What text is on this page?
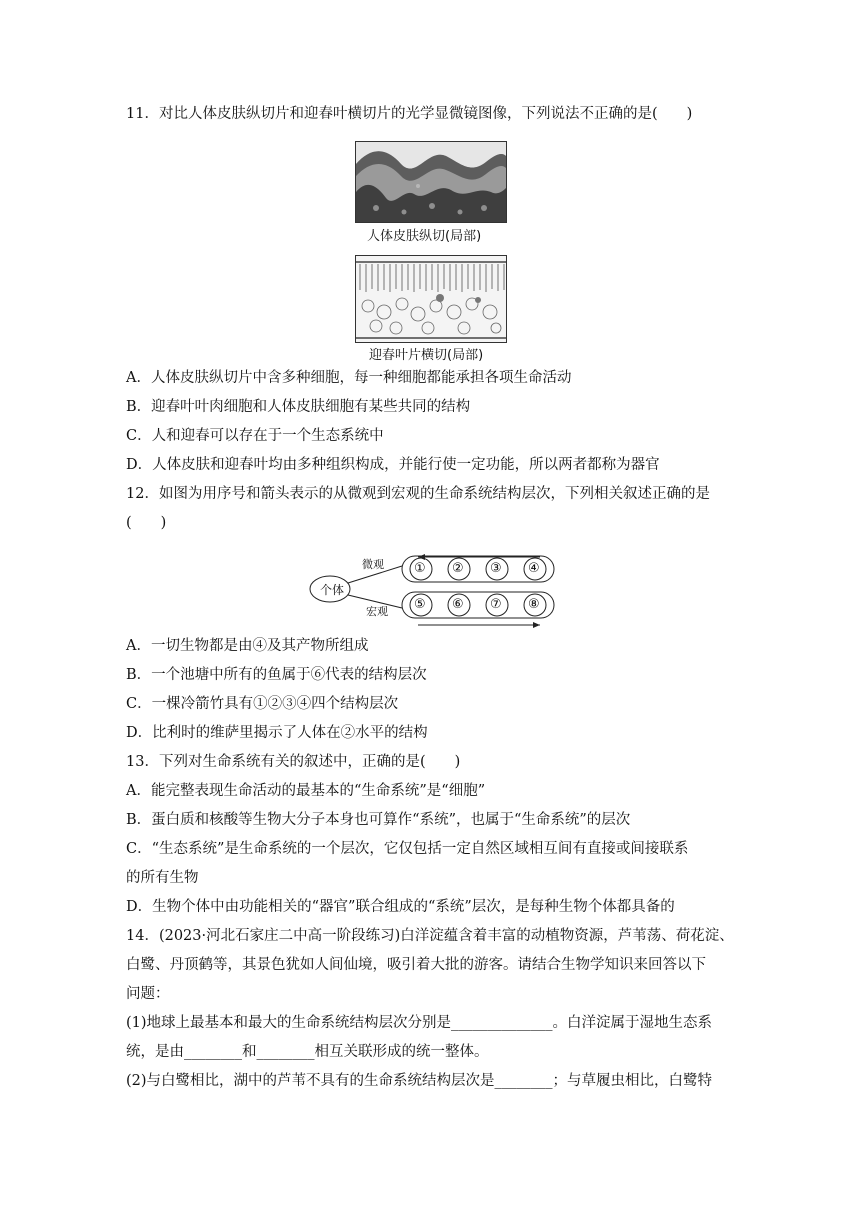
11．对比人体皮肤纵切片和迎春叶横切片的光学显微镜图像，下列说法不正确的是(　　)
人体皮肤纵切(局部)
迎春叶片横切(局部)
A．人体皮肤纵切片中含多种细胞，每一种细胞都能承担各项生命活动
B．迎春叶叶肉细胞和人体皮肤细胞有某些共同的结构
C．人和迎春可以存在于一个生态系统中
D．人体皮肤和迎春叶均由多种组织构成，并能行使一定功能，所以两者都称为器官
12．如图为用序号和箭头表示的从微观到宏观的生命系统结构层次，下列相关叙述正确的是
(　　)
个体
微观
宏观
① ② ③ ④
⑤ ⑥ ⑦ ⑧
A．一切生物都是由④及其产物所组成
B．一个池塘中所有的鱼属于⑥代表的结构层次
C．一棵冷箭竹具有①②③④四个结构层次
D．比利时的维萨里揭示了人体在②水平的结构
13．下列对生命系统有关的叙述中，正确的是(　　)
A．能完整表现生命活动的最基本的“生命系统”是“细胞”
B．蛋白质和核酸等生物大分子本身也可算作“系统”，也属于“生命系统”的层次
C．“生态系统”是生命系统的一个层次，它仅包括一定自然区域相互间有直接或间接联系
的所有生物
D．生物个体中由功能相关的“器官”联合组成的“系统”层次，是每种生物个体都具备的
14．(2023·河北石家庄二中高一阶段练习)白洋淀蕴含着丰富的动植物资源，芦苇荡、荷花淀、
白鹭、丹顶鹤等，其景色犹如人间仙境，吸引着大批的游客。请结合生物学知识来回答以下
问题：
(1)地球上最基本和最大的生命系统结构层次分别是______________。白洋淀属于湿地生态系
统，是由________和________相互关联形成的统一整体。
(2)与白鹭相比，湖中的芦苇不具有的生命系统结构层次是________；与草履虫相比，白鹭特
